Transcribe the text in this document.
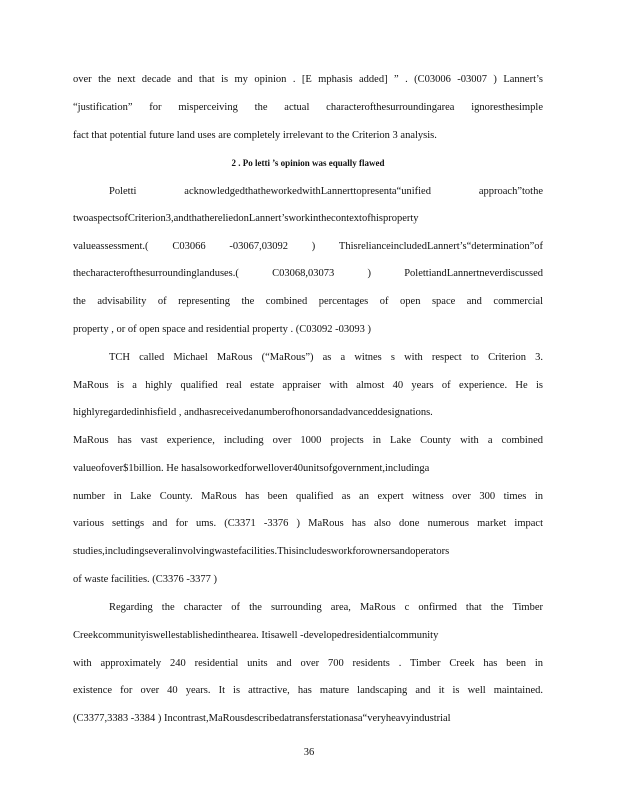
over the next decade and that is my opinion . [E mphasis added] ” . (C03006 -03007 ) Lannert’s
“justification” for misperceiving the actual characterofthesurroundingarea ignoresthesimple
fact that potential future land uses are completely irrelevant to the Criterion 3 analysis.
2 . Po letti ’s opinion was equally flawed
Poletti acknowledgedthatheworkedwithLannerttopresenta“unified approach”tothe
twoaspectsofCriterion3,andthathereliedonLannert’sworkinthecontextofhisproperty
valueassessment.( C03066 -03067,03092 ) ThisrelianceincludedLannert’s“determination”of
thecharacterofthesurroundinglanduses.( C03068,03073 ) PolettiandLannertneverdiscussed
the advisability of representing the combined percentages of open space and commercial
property , or of open space and residential property . (C03092 -03093 )
TCH called Michael MaRous (“MaRous”) as a witnes s with respect to Criterion 3.
MaRous is a highly qualified real estate appraiser with almost 40 years of experience. He is
highlyregardedinhisfield , andhasreceivedanumberofhonorsandadvanceddesignations.
MaRous has vast experience, including over 1000 projects in Lake County with a combined
valueofover$1billion. He hasalsoworkedforwellover40unitsofgovernment,includinga
number in Lake County. MaRous has been qualified as an expert witness over 300 times in
various settings and for ums. (C3371 -3376 ) MaRous has also done numerous market impact
studies,includingseveralinvolvingwastefacilities.Thisincludesworkforownersandoperators
of waste facilities. (C3376 -3377 )
Regarding the character of the surrounding area, MaRous c onfirmed that the Timber
Creekcommunityiswellestablishedinthearea. Itisawell -developedresidentialcommunity
with approximately 240 residential units and over 700 residents . Timber Creek has been in
existence for over 40 years. It is attractive, has mature landscaping and it is well maintained.
(C3377,3383 -3384 ) Incontrast,MaRousdescribedatransferstationasa“veryheavyindustrial
36
